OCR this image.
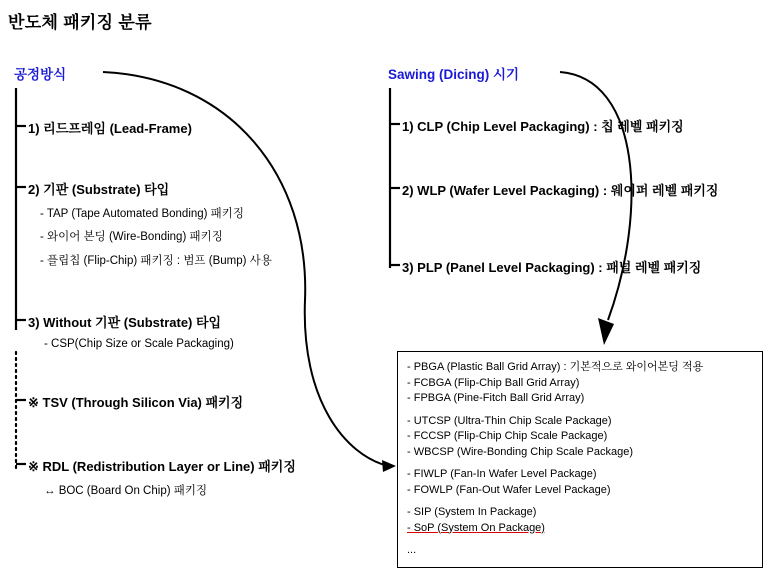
반도체 패키징 분류
공정방식
1) 리드프레임 (Lead-Frame)
2) 기판 (Substrate) 타입
- TAP (Tape Automated Bonding) 패키징
- 와이어 본딩 (Wire-Bonding) 패키징
- 플립칩 (Flip-Chip) 패키징 : 범프 (Bump) 사용
3) Without 기판 (Substrate) 타입
- CSP(Chip Size or Scale Packaging)
※ TSV (Through Silicon Via) 패키징
※ RDL (Redistribution Layer or Line) 패키징
↔ BOC (Board On Chip) 패키징
Sawing (Dicing) 시기
1) CLP (Chip Level Packaging) : 칩 레벨 패키징
2) WLP (Wafer Level Packaging) : 웨이퍼 레벨 패키징
3) PLP (Panel Level Packaging) : 패널 레벨 패키징
- PBGA (Plastic Ball Grid Array) : 기본적으로 와이어본딩 적용
- FCBGA (Flip-Chip Ball Grid Array)
- FPBGA (Pine-Fitch Ball Grid Array)
- UTCSP (Ultra-Thin Chip Scale Package)
- FCCSP (Flip-Chip Chip Scale Package)
- WBCSP (Wire-Bonding Chip Scale Package)
- FIWLP (Fan-In Wafer Level Package)
- FOWLP (Fan-Out Wafer Level Package)
- SIP (System In Package)
- SoP (System On Package)
...
